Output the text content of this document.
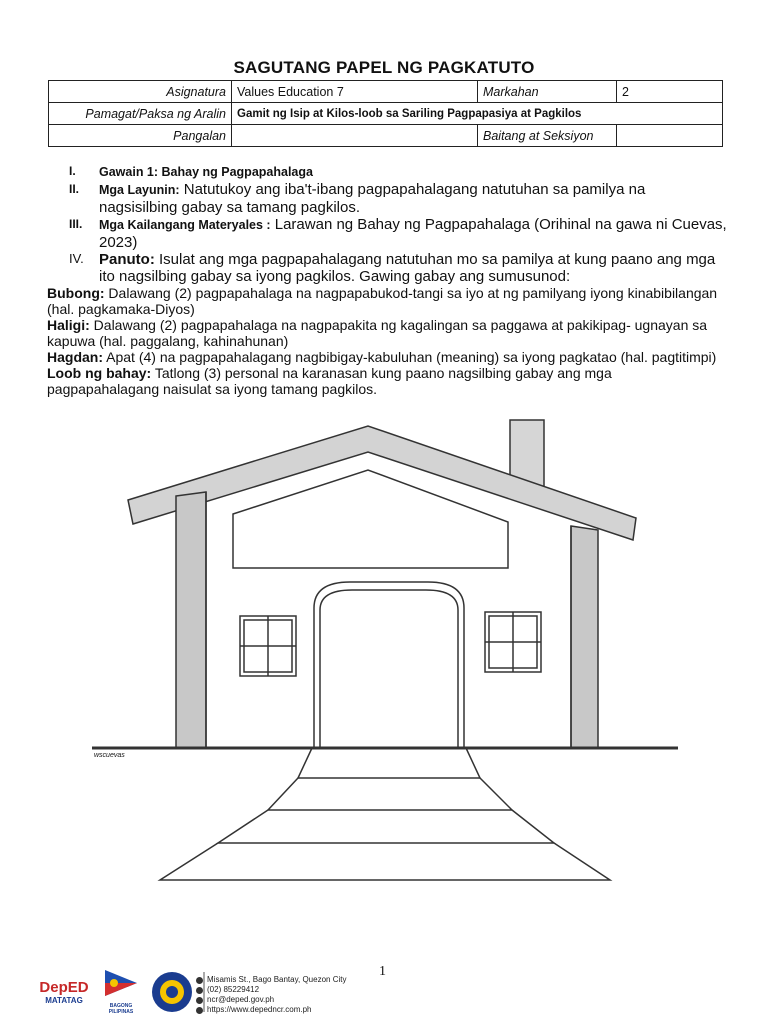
SAGUTANG PAPEL NG PAGKATUTO
Asignatura	Values Education 7	Markahan	2
Pamagat/Paksa ng Aralin	Gamit ng Isip at Kilos-loob sa Sariling Pagpapasiya at Pagkilos		
Pangalan		Baitang at Seksiyon	
I.	Gawain 1: Bahay ng Pagpapahalaga
II.	Mga Layunin: Natutukoy ang iba't-ibang pagpapahalagang natutuhan sa pamilya na nagsisilbing gabay sa tamang pagkilos.
III.	Mga Kailangang Materyales : Larawan ng Bahay ng Pagpapahalaga (Orihinal na gawa ni Cuevas, 2023)
IV.	Panuto: Isulat ang mga pagpapahalagang natutuhan mo sa pamilya at kung paano ang mga ito nagsilbing gabay sa iyong pagkilos. Gawing gabay ang sumusunod:

Bubong: Dalawang (2) pagpapahalaga na nagpapabukod-tangi sa iyo at ng pamilyang iyong kinabibilangan (hal. pagkamaka-Diyos)

Haligi: Dalawang (2) pagpapahalaga na nagpapakita ng kagalingan sa paggawa at pakikipag- ugnayan sa kapuwa (hal. paggalang, kahinahunan)

Hagdan: Apat (4) na pagpapahalagang nagbibigay-kabuluhan (meaning) sa iyong pagkatao (hal. pagtitimpi)

Loob ng bahay: Tatlong (3) personal na karanasan kung paano nagsilbing gabay ang mga pagpapahalagang naisulat sa iyong tamang pagkilos.

wscuevas
1
DepED
MATATAG
BAGONG PILIPINAS
Misamis St., Bago Bantay, Quezon City
(02) 85229412
ncr@deped.gov.ph
https://www.depedncr.com.ph
